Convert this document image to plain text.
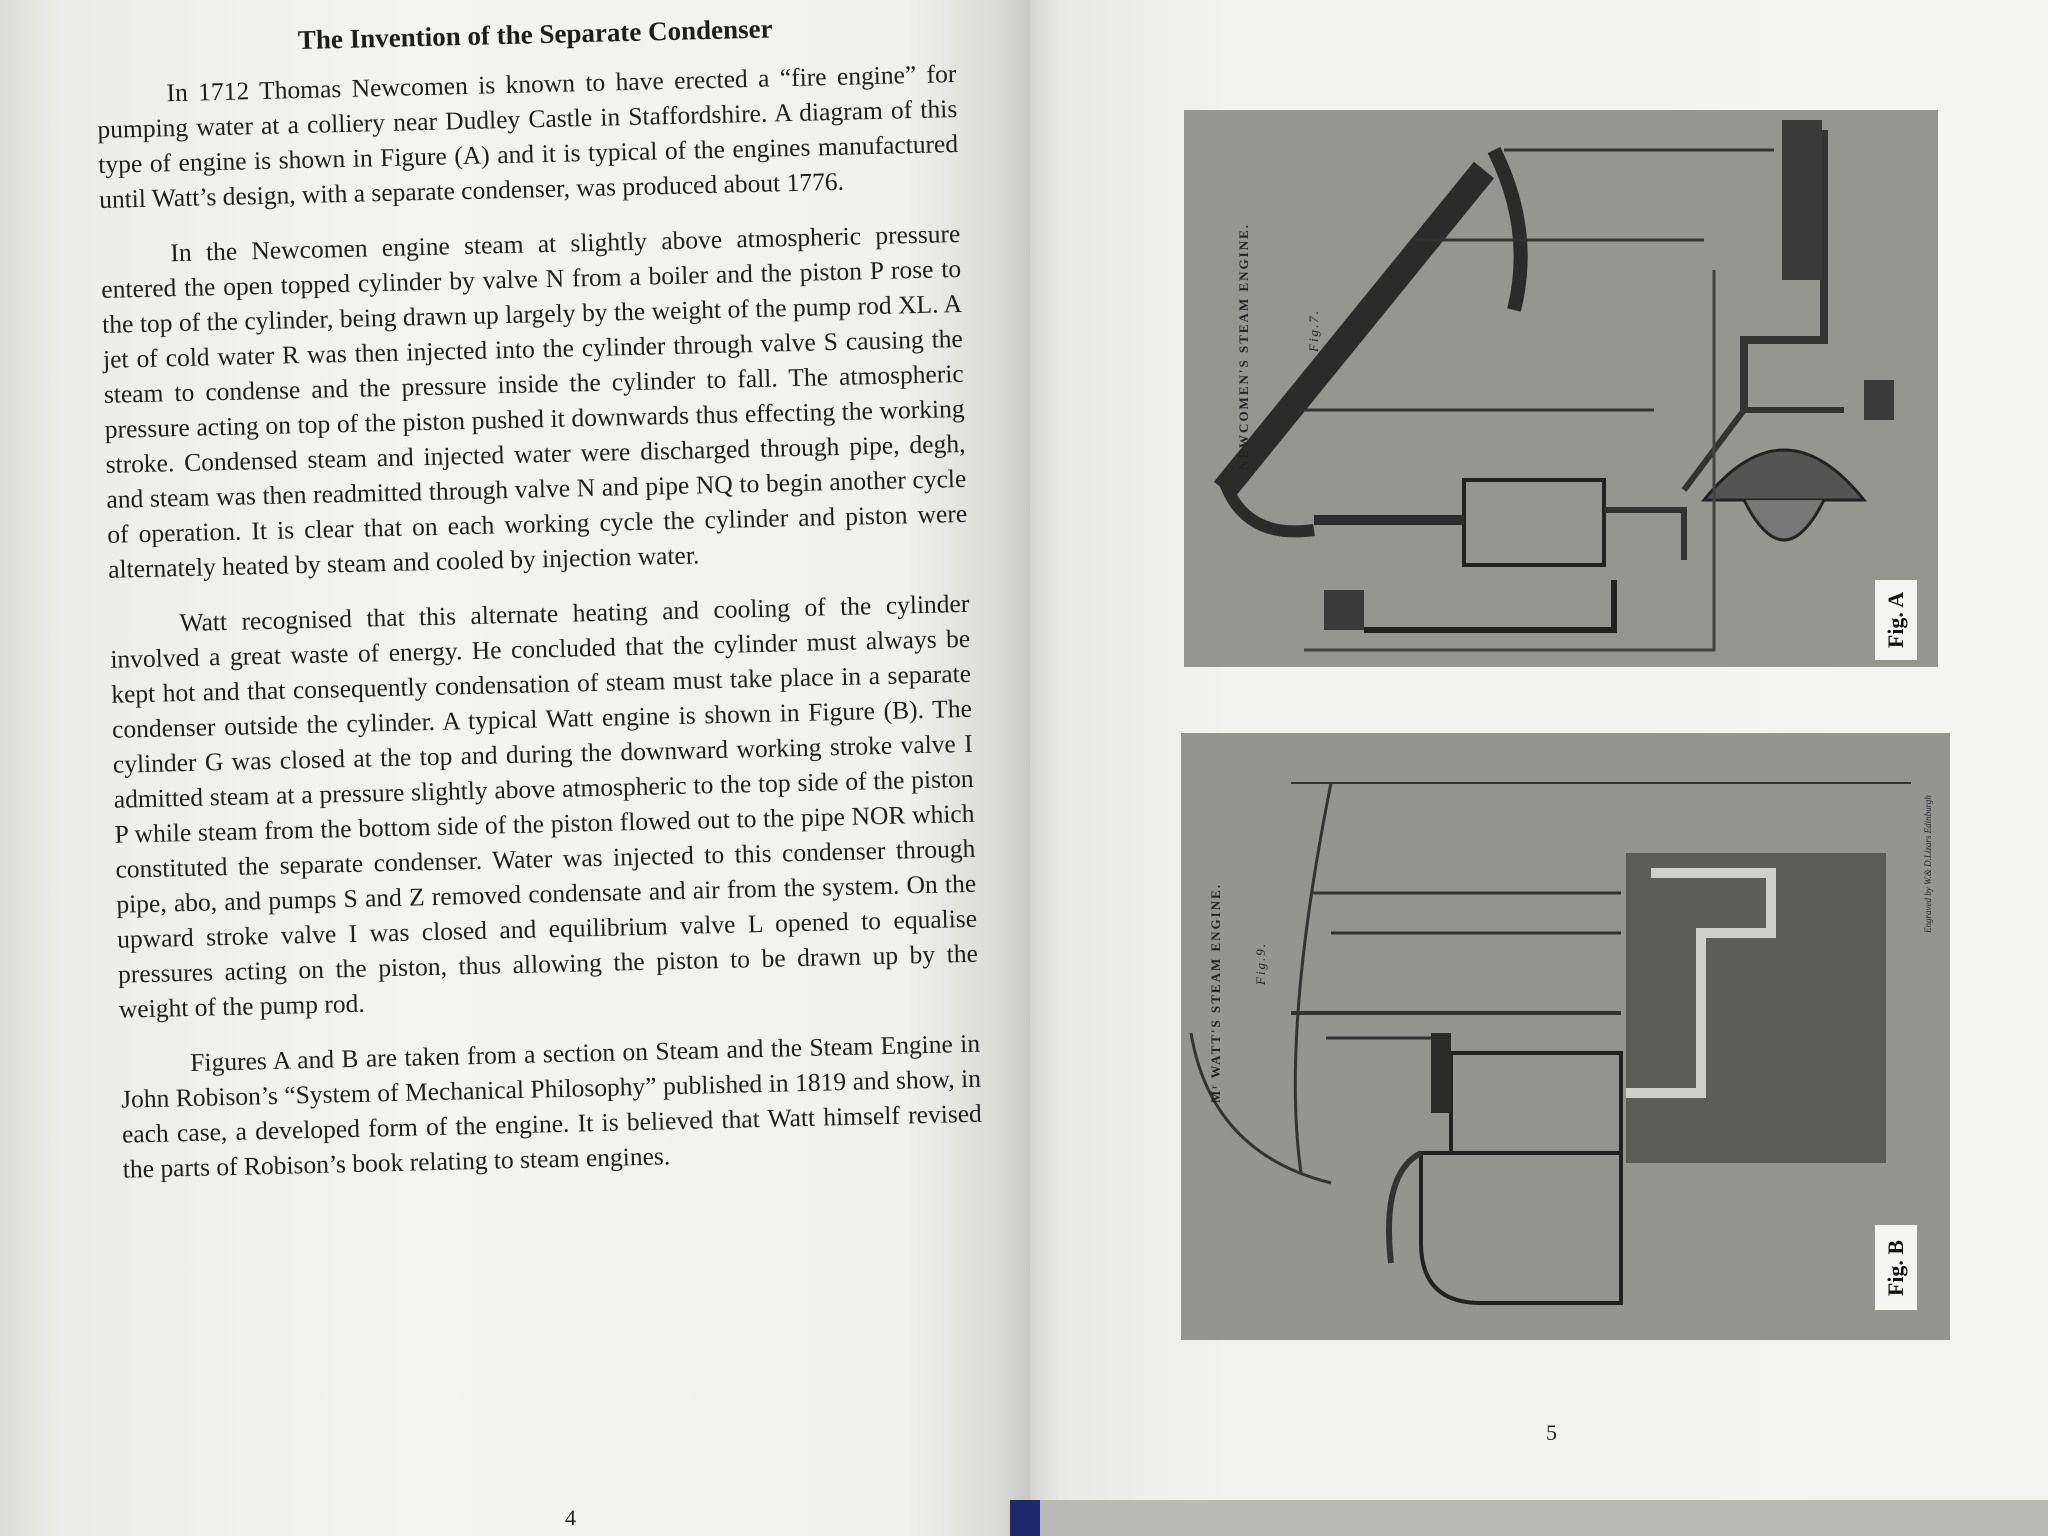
The Invention of the Separate Condenser

In 1712 Thomas Newcomen is known to have erected a “fire engine” for pumping water at a colliery near Dudley Castle in Staffordshire. A diagram of this type of engine is shown in Figure (A) and it is typical of the engines manufactured until Watt’s design, with a separate condenser, was produced about 1776.

In the Newcomen engine steam at slightly above atmospheric pressure entered the open topped cylinder by valve N from a boiler and the piston P rose to the top of the cylinder, being drawn up largely by the weight of the pump rod XL. A jet of cold water R was then injected into the cylinder through valve S causing the steam to condense and the pressure inside the cylinder to fall. The atmospheric pressure acting on top of the piston pushed it downwards thus effecting the working stroke. Condensed steam and injected water were discharged through pipe, degh, and steam was then readmitted through valve N and pipe NQ to begin another cycle of operation. It is clear that on each working cycle the cylinder and piston were alternately heated by steam and cooled by injection water.

Watt recognised that this alternate heating and cooling of the cylinder involved a great waste of energy. He concluded that the cylinder must always be kept hot and that consequently condensation of steam must take place in a separate condenser outside the cylinder. A typical Watt engine is shown in Figure (B). The cylinder G was closed at the top and during the downward working stroke valve I admitted steam at a pressure slightly above atmospheric to the top side of the piston P while steam from the bottom side of the piston flowed out to the pipe NOR which constituted the separate condenser. Water was injected to this condenser through pipe, abo, and pumps S and Z removed condensate and air from the system. On the upward stroke valve I was closed and equilibrium valve L opened to equalise pressures acting on the piston, thus allowing the piston to be drawn up by the weight of the pump rod.

Figures A and B are taken from a section on Steam and the Steam Engine in John Robison’s “System of Mechanical Philosophy” published in 1819 and show, in each case, a developed form of the engine. It is believed that Watt himself revised the parts of Robison’s book relating to steam engines.

4
NEWCOMEN'S STEAM ENGINE.	Fig.7.
Fig. A
Mʳ WATT'S STEAM ENGINE. Fig.9.
Engraved by W.& D.Lizars Edinburgh
Fig. B
5
